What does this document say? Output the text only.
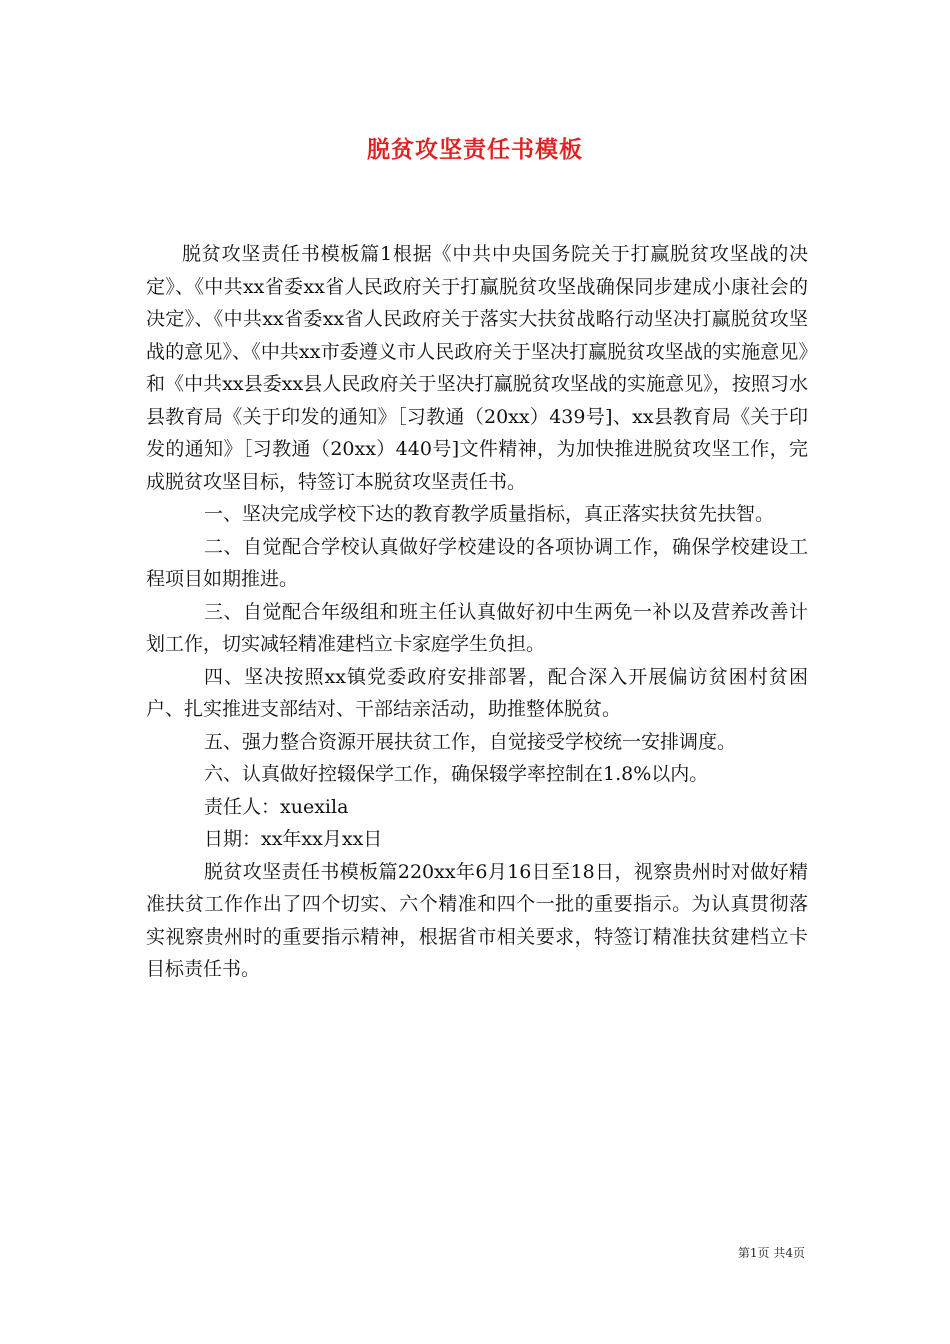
脱贫攻坚责任书模板

脱贫攻坚责任书模板篇1根据《中共中央国务院关于打赢脱贫攻坚战的决定》、《中共xx省委xx省人民政府关于打赢脱贫攻坚战确保同步建成小康社会的决定》、《中共xx省委xx省人民政府关于落实大扶贫战略行动坚决打赢脱贫攻坚战的意见》、《中共xx市委遵义市人民政府关于坚决打赢脱贫攻坚战的实施意见》和《中共xx县委xx县人民政府关于坚决打赢脱贫攻坚战的实施意见》，按照习水县教育局《关于印发的通知》［习教通（20xx）439号]、xx县教育局《关于印发的通知》［习教通（20xx）440号]文件精神，为加快推进脱贫攻坚工作，完成脱贫攻坚目标，特签订本脱贫攻坚责任书。

一、坚决完成学校下达的教育教学质量指标，真正落实扶贫先扶智。

二、自觉配合学校认真做好学校建设的各项协调工作，确保学校建设工程项目如期推进。

三、自觉配合年级组和班主任认真做好初中生两免一补以及营养改善计划工作，切实减轻精准建档立卡家庭学生负担。

四、坚决按照xx镇党委政府安排部署，配合深入开展偏访贫困村贫困户、扎实推进支部结对、干部结亲活动，助推整体脱贫。

五、强力整合资源开展扶贫工作，自觉接受学校统一安排调度。

六、认真做好控辍保学工作，确保辍学率控制在1.8%以内。

责任人：xuexila

日期：xx年xx月xx日

脱贫攻坚责任书模板篇220xx年6月16日至18日，视察贵州时对做好精准扶贫工作作出了四个切实、六个精准和四个一批的重要指示。为认真贯彻落实视察贵州时的重要指示精神，根据省市相关要求，特签订精准扶贫建档立卡目标责任书。

第1页 共4页
